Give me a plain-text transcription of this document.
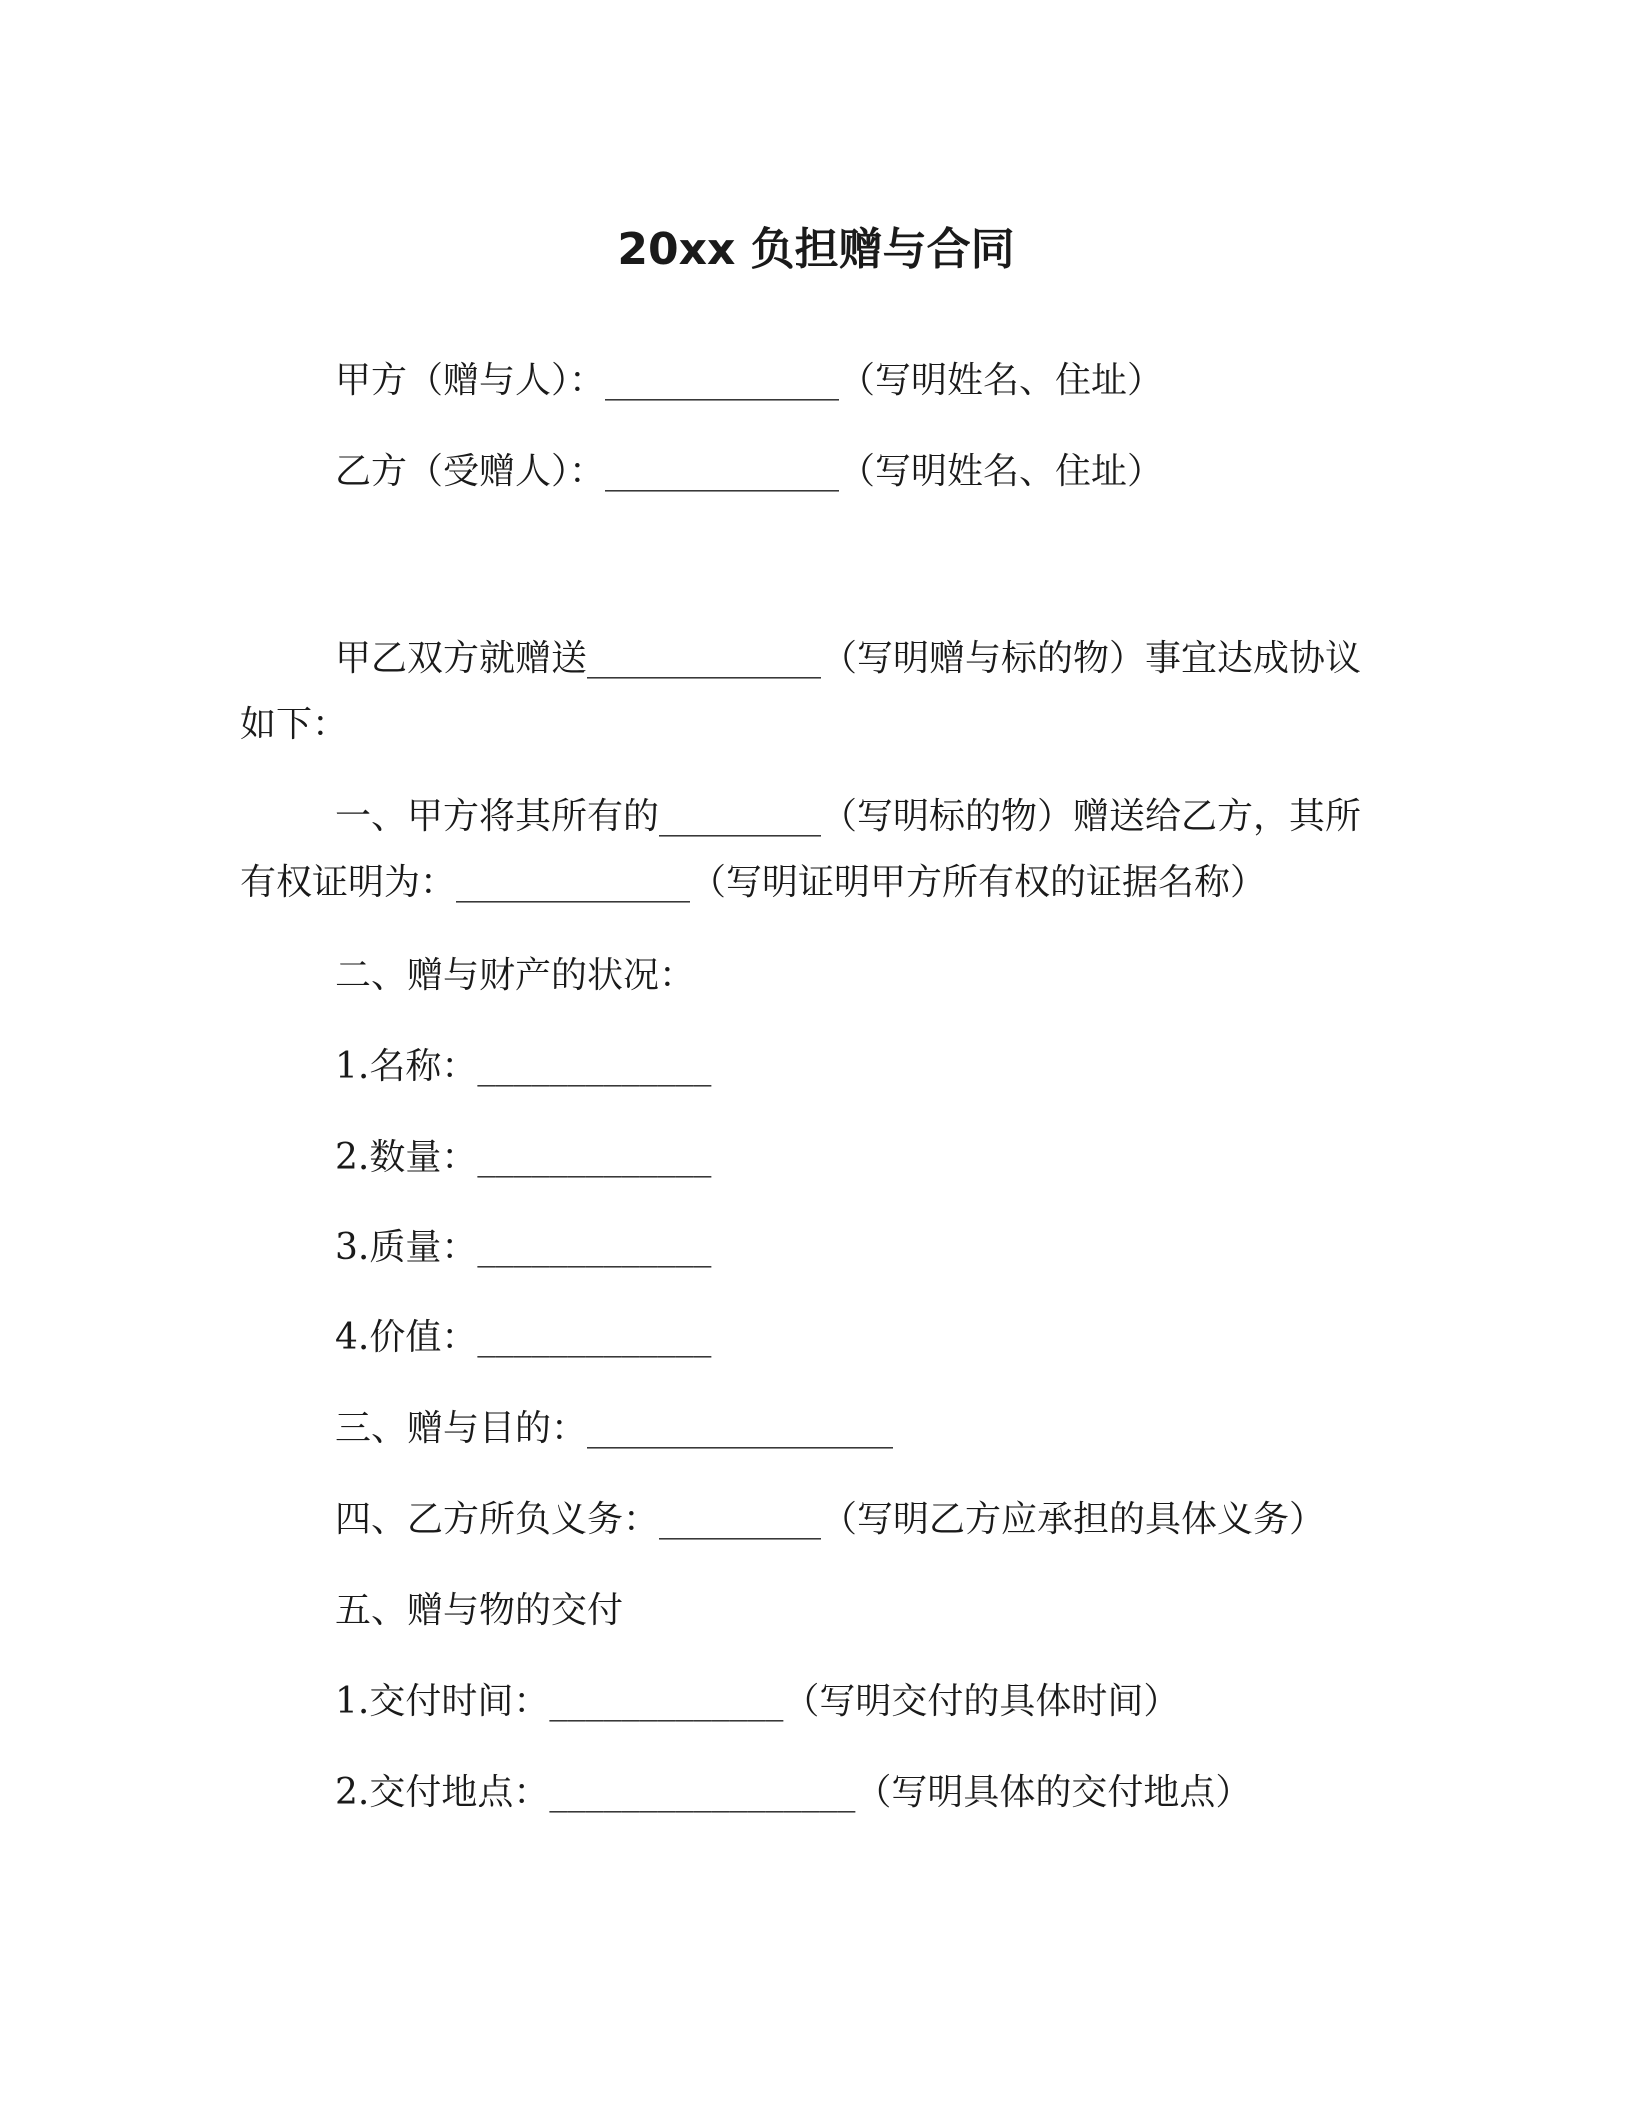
20xx 负担赠与合同

甲方（赠与人）：_____________（写明姓名、住址）

乙方（受赠人）：_____________（写明姓名、住址）

甲乙双方就赠送_____________（写明赠与标的物）事宜达成协议如下：

一、甲方将其所有的_________（写明标的物）赠送给乙方，其所有权证明为：_____________（写明证明甲方所有权的证据名称）

二、赠与财产的状况：

1.名称：_____________

2.数量：_____________

3.质量：_____________

4.价值：_____________

三、赠与目的：_________________

四、乙方所负义务：_________（写明乙方应承担的具体义务）

五、赠与物的交付

1.交付时间：_____________（写明交付的具体时间）

2.交付地点：_________________（写明具体的交付地点）
